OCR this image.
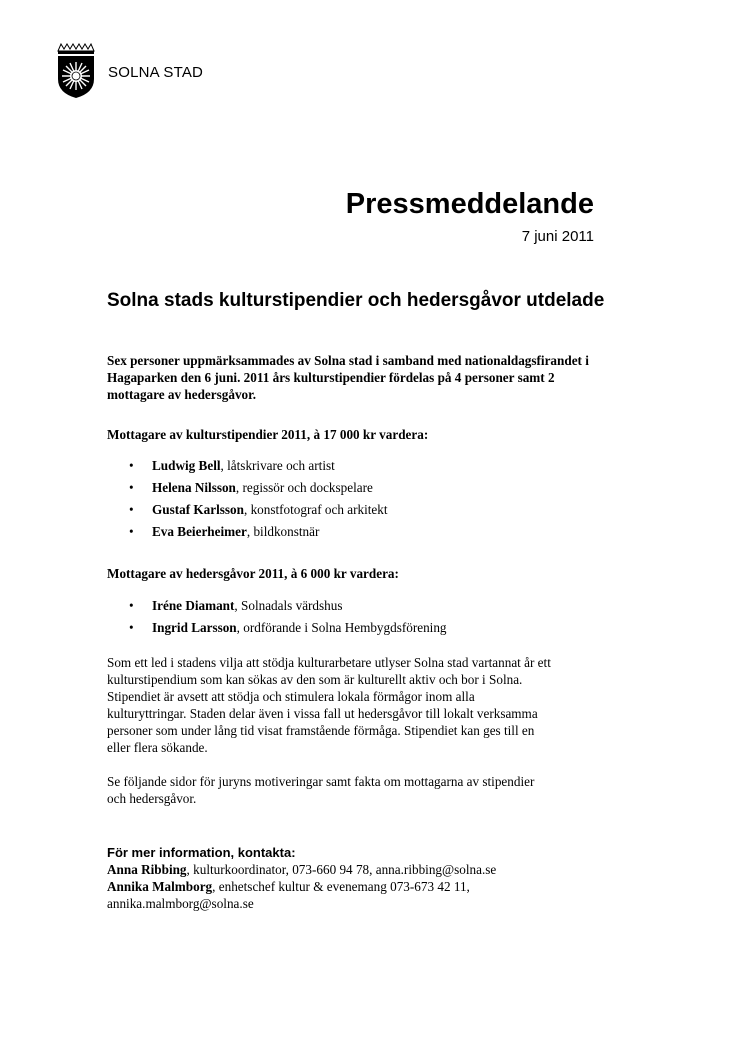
SOLNA STAD
Pressmeddelande
7 juni 2011
Solna stads kulturstipendier och hedersgåvor utdelade
Sex personer uppmärksammades av Solna stad i samband med nationaldagsfirandet i Hagaparken den 6 juni. 2011 års kulturstipendier fördelas på 4 personer samt 2 mottagare av hedersgåvor.
Mottagare av kulturstipendier 2011, à 17 000 kr vardera:
• Ludwig Bell, låtskrivare och artist
• Helena Nilsson, regissör och dockspelare
• Gustaf Karlsson, konstfotograf och arkitekt
• Eva Beierheimer, bildkonstnär
Mottagare av hedersgåvor 2011, à 6 000 kr vardera:
• Iréne Diamant, Solnadals värdshus
• Ingrid Larsson, ordförande i Solna Hembygdsförening
Som ett led i stadens vilja att stödja kulturarbetare utlyser Solna stad vartannat år ett
kulturstipendium som kan sökas av den som är kulturellt aktiv och bor i Solna.
Stipendiet är avsett att stödja och stimulera lokala förmågor inom alla
kulturyttringar. Staden delar även i vissa fall ut hedersgåvor till lokalt verksamma
personer som under lång tid visat framstående förmåga. Stipendiet kan ges till en
eller flera sökande.
Se följande sidor för juryns motiveringar samt fakta om mottagarna av stipendier
och hedersgåvor.
För mer information, kontakta:
Anna Ribbing, kulturkoordinator, 073-660 94 78, anna.ribbing@solna.se
Annika Malmborg, enhetschef kultur & evenemang 073-673 42 11,
annika.malmborg@solna.se
